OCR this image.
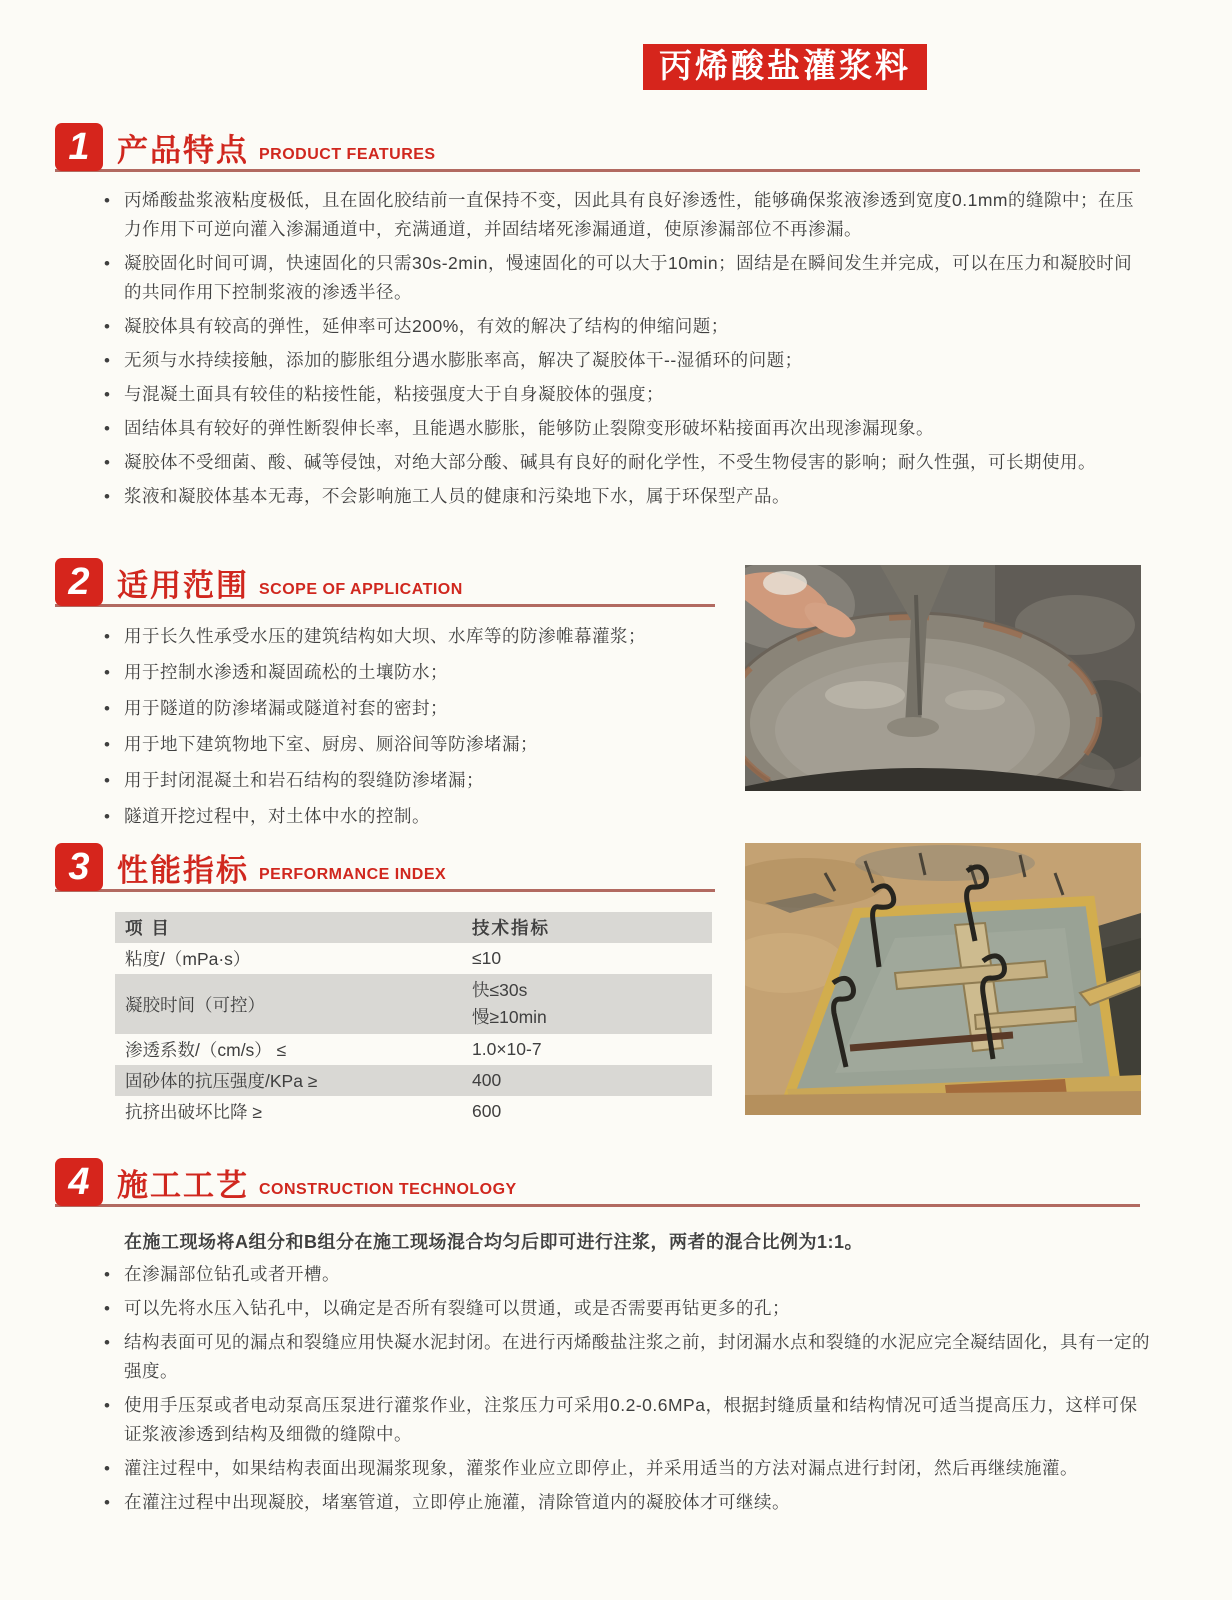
丙烯酸盐灌浆料
1 产品特点 PRODUCT FEATURES
• 丙烯酸盐浆液粘度极低，且在固化胶结前一直保持不变，因此具有良好渗透性，能够确保浆液渗透到宽度0.1mm的缝隙中；在压力作用下可逆向灌入渗漏通道中，充满通道，并固结堵死渗漏通道，使原渗漏部位不再渗漏。
• 凝胶固化时间可调，快速固化的只需30s-2min，慢速固化的可以大于10min；固结是在瞬间发生并完成，可以在压力和凝胶时间的共同作用下控制浆液的渗透半径。
• 凝胶体具有较高的弹性，延伸率可达200%，有效的解决了结构的伸缩问题；
• 无须与水持续接触，添加的膨胀组分遇水膨胀率高，解决了凝胶体干--湿循环的问题；
• 与混凝土面具有较佳的粘接性能，粘接强度大于自身凝胶体的强度；
• 固结体具有较好的弹性断裂伸长率，且能遇水膨胀，能够防止裂隙变形破坏粘接面再次出现渗漏现象。
• 凝胶体不受细菌、酸、碱等侵蚀，对绝大部分酸、碱具有良好的耐化学性，不受生物侵害的影响；耐久性强，可长期使用。
• 浆液和凝胶体基本无毒，不会影响施工人员的健康和污染地下水，属于环保型产品。
2 适用范围 SCOPE OF APPLICATION
• 用于长久性承受水压的建筑结构如大坝、水库等的防渗帷幕灌浆；
• 用于控制水渗透和凝固疏松的土壤防水；
• 用于隧道的防渗堵漏或隧道衬套的密封；
• 用于地下建筑物地下室、厨房、厕浴间等防渗堵漏；
• 用于封闭混凝土和岩石结构的裂缝防渗堵漏；
• 隧道开挖过程中，对土体中水的控制。
3 性能指标 PERFORMANCE INDEX
项 目	技术指标
粘度/（mPa·s）	≤10
凝胶时间（可控）	快≤30s
慢≥10min

渗透系数/（cm/s） ≤	1.0×10-7
固砂体的抗压强度/KPa ≥	400
抗挤出破坏比降 ≥	600
4 施工工艺 CONSTRUCTION TECHNOLOGY
在施工现场将A组分和B组分在施工现场混合均匀后即可进行注浆，两者的混合比例为1:1。
• 在渗漏部位钻孔或者开槽。
• 可以先将水压入钻孔中，以确定是否所有裂缝可以贯通，或是否需要再钻更多的孔；
• 结构表面可见的漏点和裂缝应用快凝水泥封闭。在进行丙烯酸盐注浆之前，封闭漏水点和裂缝的水泥应完全凝结固化，具有一定的强度。
• 使用手压泵或者电动泵高压泵进行灌浆作业，注浆压力可采用0.2-0.6MPa，根据封缝质量和结构情况可适当提高压力，这样可保证浆液渗透到结构及细微的缝隙中。
• 灌注过程中，如果结构表面出现漏浆现象，灌浆作业应立即停止，并采用适当的方法对漏点进行封闭，然后再继续施灌。
• 在灌注过程中出现凝胶，堵塞管道，立即停止施灌，清除管道内的凝胶体才可继续。
